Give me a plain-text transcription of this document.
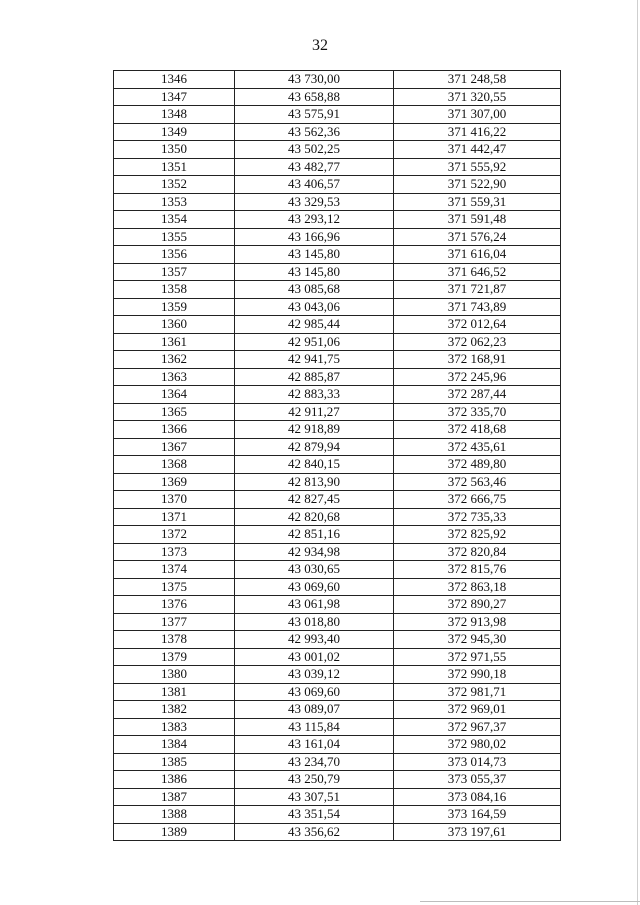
32
1346	43 730,00	371 248,58
1347	43 658,88	371 320,55
1348	43 575,91	371 307,00
1349	43 562,36	371 416,22
1350	43 502,25	371 442,47
1351	43 482,77	371 555,92
1352	43 406,57	371 522,90
1353	43 329,53	371 559,31
1354	43 293,12	371 591,48
1355	43 166,96	371 576,24
1356	43 145,80	371 616,04
1357	43 145,80	371 646,52
1358	43 085,68	371 721,87
1359	43 043,06	371 743,89
1360	42 985,44	372 012,64
1361	42 951,06	372 062,23
1362	42 941,75	372 168,91
1363	42 885,87	372 245,96
1364	42 883,33	372 287,44
1365	42 911,27	372 335,70
1366	42 918,89	372 418,68
1367	42 879,94	372 435,61
1368	42 840,15	372 489,80
1369	42 813,90	372 563,46
1370	42 827,45	372 666,75
1371	42 820,68	372 735,33
1372	42 851,16	372 825,92
1373	42 934,98	372 820,84
1374	43 030,65	372 815,76
1375	43 069,60	372 863,18
1376	43 061,98	372 890,27
1377	43 018,80	372 913,98
1378	42 993,40	372 945,30
1379	43 001,02	372 971,55
1380	43 039,12	372 990,18
1381	43 069,60	372 981,71
1382	43 089,07	372 969,01
1383	43 115,84	372 967,37
1384	43 161,04	372 980,02
1385	43 234,70	373 014,73
1386	43 250,79	373 055,37
1387	43 307,51	373 084,16
1388	43 351,54	373 164,59
1389	43 356,62	373 197,61
